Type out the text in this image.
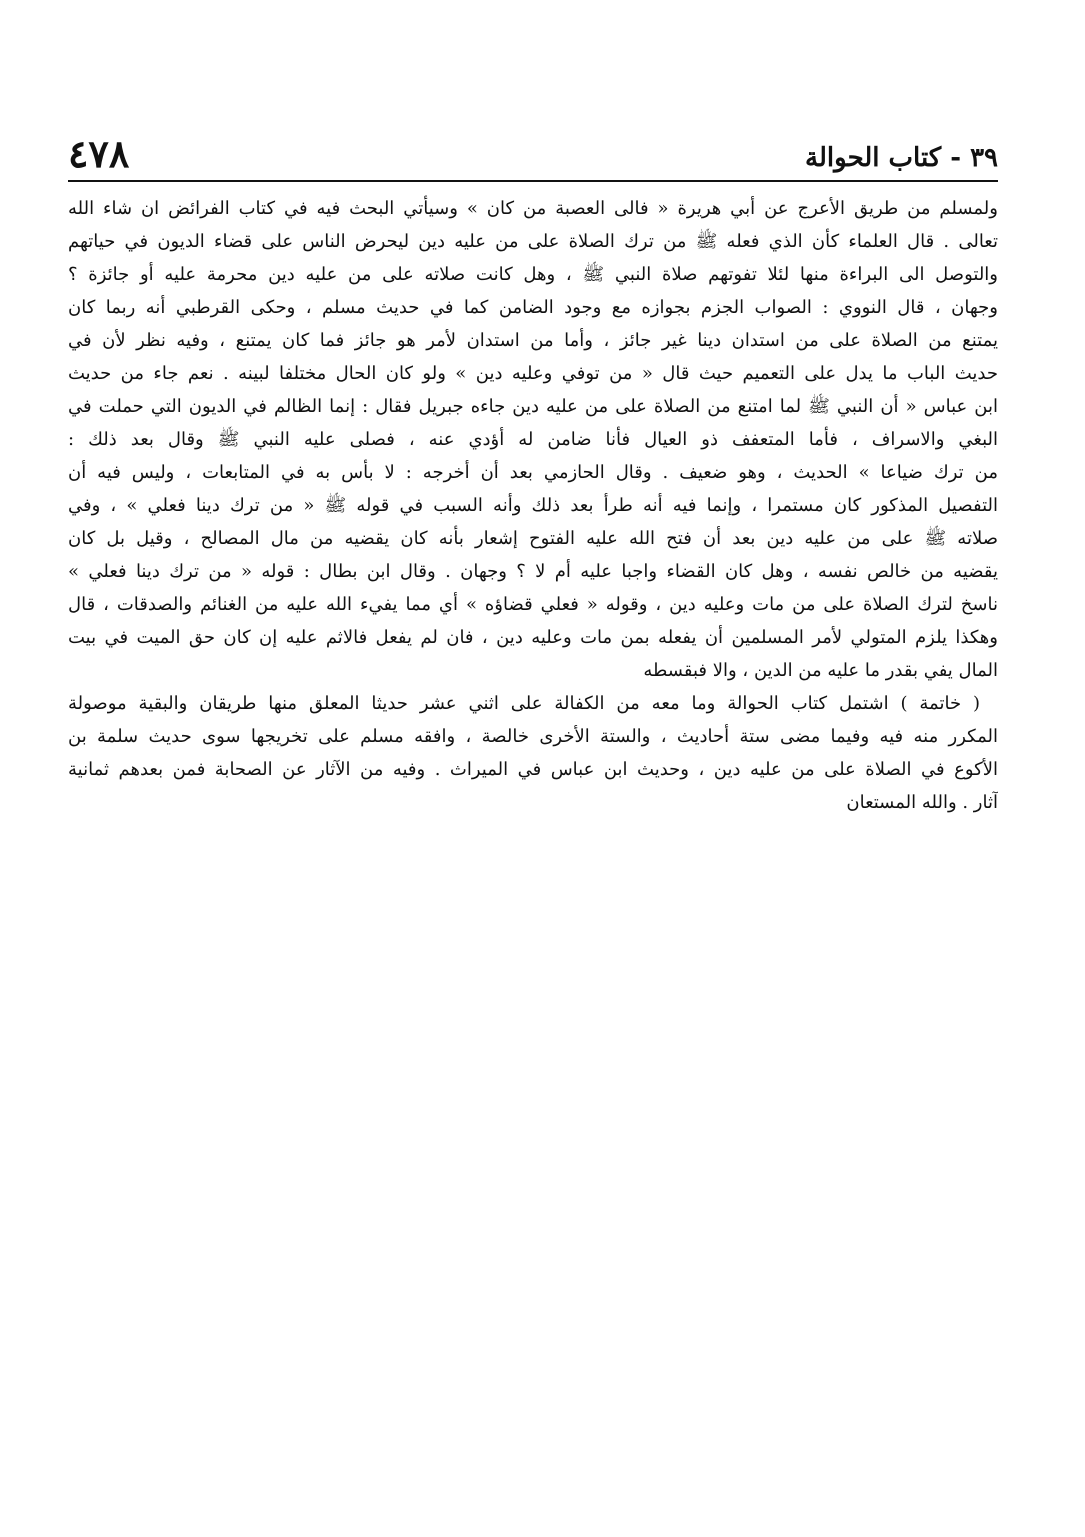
٤٧٨	٣٩ - كتاب الحوالة
ولمسلم من طريق الأعرج عن أبي هريرة « فالى العصبة من كان » وسيأتي البحث فيه في كتاب الفرائض ان شاء الله
تعالى . قال العلماء كأن الذي فعله ﷺ من ترك الصلاة على من عليه دين ليحرض الناس على قضاء الديون في حياتهم
والتوصل الى البراءة منها لئلا تفوتهم صلاة النبي ﷺ ، وهل كانت صلاته على من عليه دين محرمة عليه أو جائزة ؟
وجهان ، قال النووي : الصواب الجزم بجوازه مع وجود الضامن كما في حديث مسلم ، وحكى القرطبي أنه ربما كان
يمتنع من الصلاة على من استدان دينا غير جائز ، وأما من استدان لأمر هو جائز فما كان يمتنع ، وفيه نظر لأن في
حديث الباب ما يدل على التعميم حيث قال « من توفي وعليه دين » ولو كان الحال مختلفا لبينه . نعم جاء من حديث
ابن عباس « أن النبي ﷺ لما امتنع من الصلاة على من عليه دين جاءه جبريل فقال : إنما الظالم في الديون التي حملت في
البغي والاسراف ، فأما المتعفف ذو العيال فأنا ضامن له أؤدي عنه ، فصلى عليه النبي ﷺ وقال بعد ذلك :
من ترك ضياعا » الحديث ، وهو ضعيف . وقال الحازمي بعد أن أخرجه : لا بأس به في المتابعات ، وليس فيه أن
التفصيل المذكور كان مستمرا ، وإنما فيه أنه طرأ بعد ذلك وأنه السبب في قوله ﷺ « من ترك دينا فعلي » ، وفي
صلاته ﷺ على من عليه دين بعد أن فتح الله عليه الفتوح إشعار بأنه كان يقضيه من مال المصالح ، وقيل بل كان
يقضيه من خالص نفسه ، وهل كان القضاء واجبا عليه أم لا ؟ وجهان . وقال ابن بطال : قوله « من ترك دينا فعلي »
ناسخ لترك الصلاة على من مات وعليه دين ، وقوله « فعلي قضاؤه » أي مما يفيء الله عليه من الغنائم والصدقات ، قال
وهكذا يلزم المتولي لأمر المسلمين أن يفعله بمن مات وعليه دين ، فان لم يفعل فالاثم عليه إن كان حق الميت في بيت
المال يفي بقدر ما عليه من الدين ، والا فبقسطه
( خاتمة ) اشتمل كتاب الحوالة وما معه من الكفالة على اثني عشر حديثا المعلق منها طريقان والبقية موصولة
المكرر منه فيه وفيما مضى ستة أحاديث ، والستة الأخرى خالصة ، وافقه مسلم على تخريجها سوى حديث سلمة بن
الأكوع في الصلاة على من عليه دين ، وحديث ابن عباس في الميراث . وفيه من الآثار عن الصحابة فمن بعدهم ثمانية
آثار . والله المستعان
